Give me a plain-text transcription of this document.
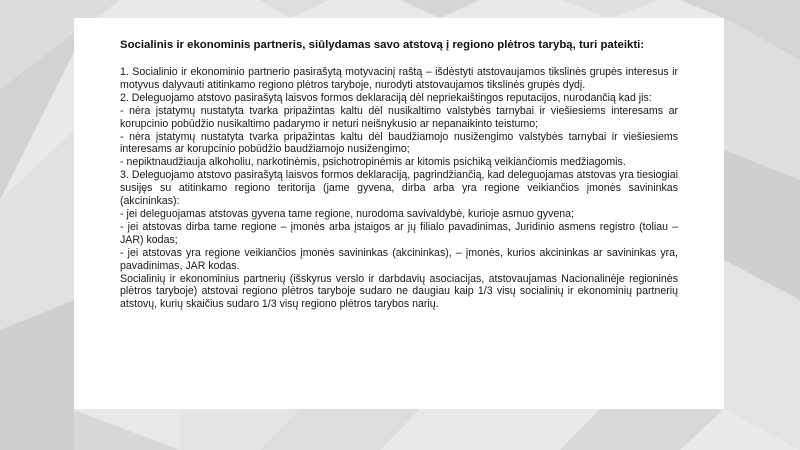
Socialinis ir ekonominis partneris, siūlydamas savo atstovą į regiono plėtros tarybą, turi pateikti:

1. Socialinio ir ekonominio partnerio pasirašytą motyvacinį raštą – išdėstyti atstovaujamos tikslinės grupės interesus ir motyvus dalyvauti atitinkamo regiono plėtros taryboje, nurodyti atstovaujamos tikslinės grupės dydį.

2. Deleguojamo atstovo pasirašytą laisvos formos deklaraciją dėl nepriekaištingos reputacijos, nurodančią kad jis:

- nėra įstatymų nustatyta tvarka pripažintas kaltu dėl nusikaltimo valstybės tarnybai ir viešiesiems interesams ar korupcinio pobūdžio nusikaltimo padarymo ir neturi neišnykusio ar nepanaikinto teistumo;

- nėra įstatymų nustatyta tvarka pripažintas kaltu dėl baudžiamojo nusižengimo valstybės tarnybai ir viešiesiems interesams ar korupcinio pobūdžio baudžiamojo nusižengimo;

- nepiktnaudžiauja alkoholiu, narkotinėmis, psichotropinėmis ar kitomis psichiką veikiančiomis medžiagomis.

3. Deleguojamo atstovo pasirašytą laisvos formos deklaraciją, pagrindžiančią, kad deleguojamas atstovas yra tiesiogiai susijęs su atitinkamo regiono teritorija (jame gyvena, dirba arba yra regione veikiančios įmonės savininkas (akcininkas):

- jei deleguojamas atstovas gyvena tame regione, nurodoma savivaldybė, kurioje asmuo gyvena;

- jei atstovas dirba tame regione – įmonės arba įstaigos ar jų filialo pavadinimas, Juridinio asmens registro (toliau – JAR) kodas;

- jei atstovas yra regione veikiančios įmonės savininkas (akcininkas), – įmonės, kurios akcininkas ar savininkas yra, pavadinimas, JAR kodas.

Socialinių ir ekonominius partnerių (išskyrus verslo ir darbdavių asociacijas, atstovaujamas Nacionalinėje regioninės plėtros taryboje) atstovai regiono plėtros taryboje sudaro ne daugiau kaip 1/3 visų socialinių ir ekonominių partnerių atstovų, kurių skaičius sudaro 1/3 visų regiono plėtros tarybos narių.
